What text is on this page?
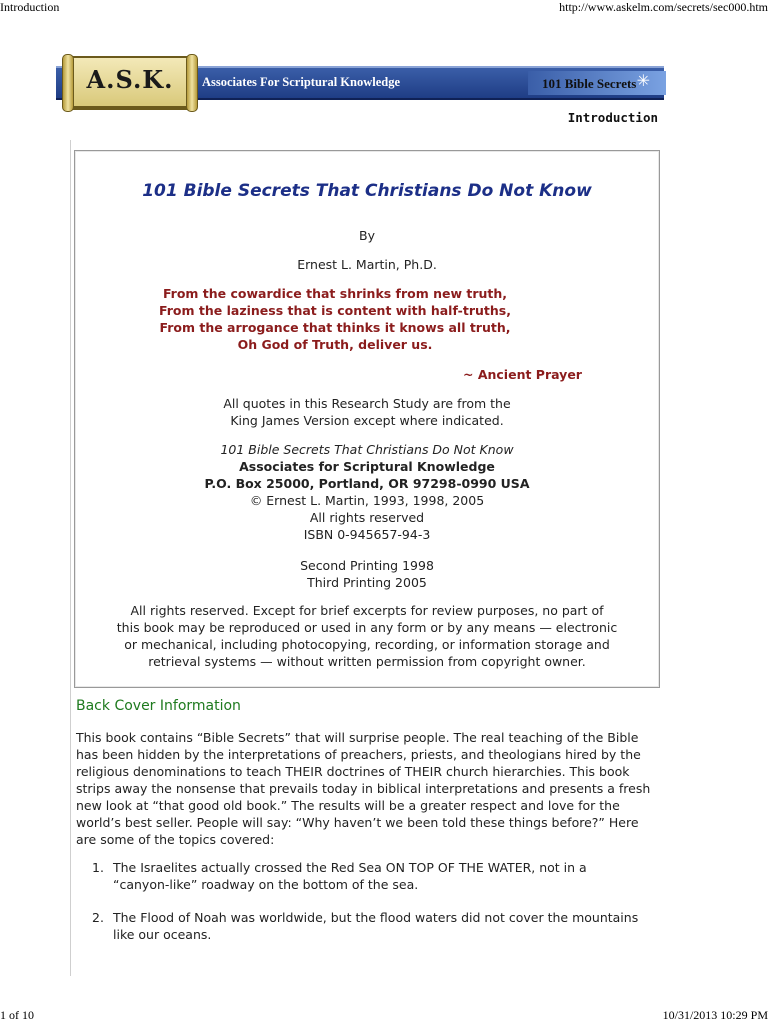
Introduction	http://www.askelm.com/secrets/sec000.htm
A.S.K.	Associates For Scriptural Knowledge	101 Bible Secrets ✳
Introduction
101 Bible Secrets That Christians Do Not Know
By
Ernest L. Martin, Ph.D.
From the cowardice that shrinks from new truth,
From the laziness that is content with half-truths,
From the arrogance that thinks it knows all truth,
Oh God of Truth, deliver us.
~ Ancient Prayer
All quotes in this Research Study are from the
King James Version except where indicated.
101 Bible Secrets That Christians Do Not Know
Associates for Scriptural Knowledge
P.O. Box 25000, Portland, OR 97298-0990 USA
© Ernest L. Martin, 1993, 1998, 2005
All rights reserved
ISBN 0-945657-94-3
Second Printing 1998
Third Printing 2005
All rights reserved. Except for brief excerpts for review purposes, no part of
this book may be reproduced or used in any form or by any means — electronic
or mechanical, including photocopying, recording, or information storage and
retrieval systems — without written permission from copyright owner.
Back Cover Information
This book contains “Bible Secrets” that will surprise people. The real teaching of the Bible
has been hidden by the interpretations of preachers, priests, and theologians hired by the
religious denominations to teach THEIR doctrines of THEIR church hierarchies. This book
strips away the nonsense that prevails today in biblical interpretations and presents a fresh
new look at “that good old book.” The results will be a greater respect and love for the
world’s best seller. People will say: “Why haven’t we been told these things before?” Here
are some of the topics covered:
1. The Israelites actually crossed the Red Sea ON TOP OF THE WATER, not in a
“canyon-like” roadway on the bottom of the sea.
2. The Flood of Noah was worldwide, but the flood waters did not cover the mountains
like our oceans.
1 of 10	10/31/2013 10:29 PM
